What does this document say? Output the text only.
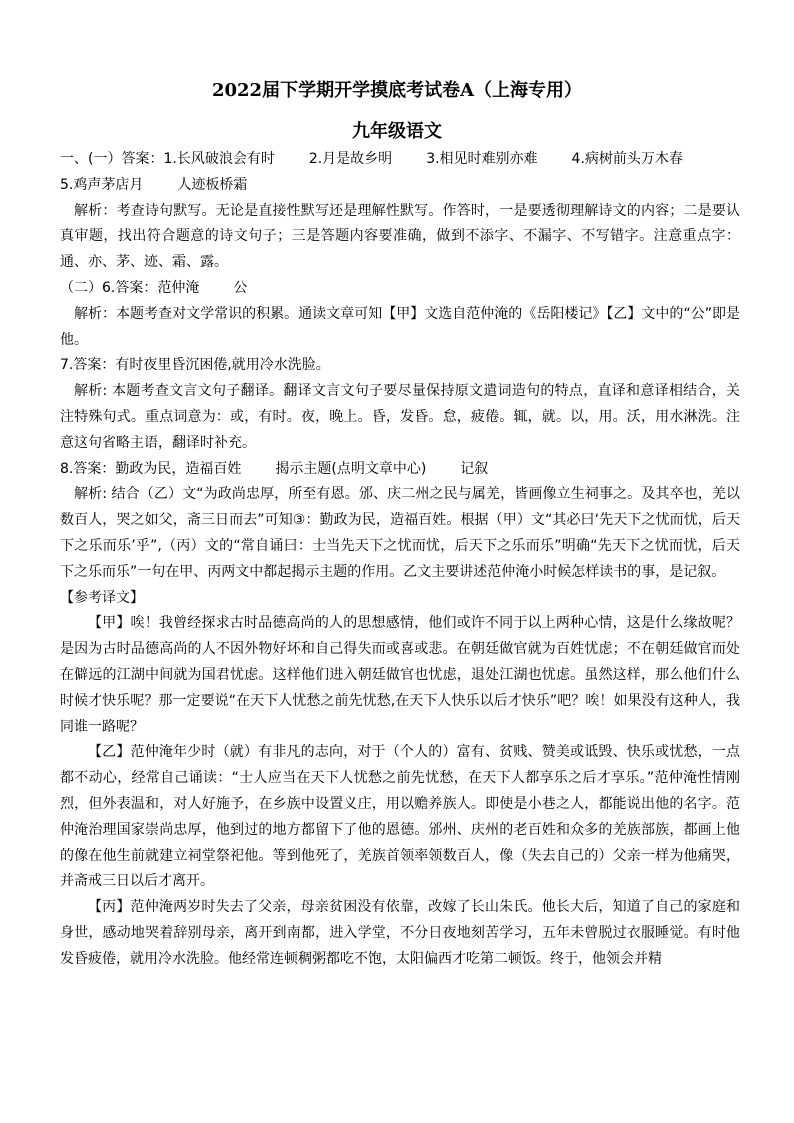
2022届下学期开学摸底考试卷A（上海专用）
九年级语文

一、(一）答案：1.长风破浪会有时 2.月是故乡明 3.相见时难别亦难 4.病树前头万木春

5.鸡声茅店月 人迹板桥霜

解析：考查诗句默写。无论是直接性默写还是理解性默写。作答时，一是要透彻理解诗文的内容；二是要认真审题，找出符合题意的诗文句子；三是答题内容要准确，做到不添字、不漏字、不写错字。注意重点字：通、亦、茅、迹、霜、露。

（二）6.答案：范仲淹 公

解析：本题考查对文学常识的积累。通读文章可知【甲】文选自范仲淹的《岳阳楼记》【乙】文中的“公”即是他。

7.答案：有时夜里昏沉困倦,就用冷水洗脸。

解析: 本题考查文言文句子翻译。翻译文言文句子要尽量保持原文遣词造句的特点，直译和意译相结合，关注特殊句式。重点词意为：或，有时。夜，晚上。昏，发昏。怠，疲倦。辄，就。以，用。沃，用水淋洗。注意这句省略主语，翻译时补充。

8.答案：勤政为民，造福百姓 揭示主题(点明文章中心) 记叙

解析: 结合（乙）文“为政尚忠厚，所至有恩。邠、庆二州之民与属羌，皆画像立生祠事之。及其卒也，羌以数百人，哭之如父，斋三日而去”可知③：勤政为民，造福百姓。根据（甲）文“其必曰‘先天下之忧而忧，后天下之乐而乐’乎”,（丙）文的“常自诵曰：士当先天下之忧而忧，后天下之乐而乐”明确“先天下之忧而忧，后天下之乐而乐”一句在甲、丙两文中都起揭示主题的作用。乙文主要讲述范仲淹小时候怎样读书的事，是记叙。

【参考译文】

【甲】唉！我曾经探求古时品德高尚的人的思想感情，他们或许不同于以上两种心情，这是什么缘故呢？是因为古时品德高尚的人不因外物好坏和自己得失而或喜或悲。在朝廷做官就为百姓忧虑；不在朝廷做官而处在僻远的江湖中间就为国君忧虑。这样他们进入朝廷做官也忧虑，退处江湖也忧虑。虽然这样，那么他们什么时候才快乐呢？那一定要说“在天下人忧愁之前先忧愁,在天下人快乐以后才快乐”吧？唉！如果没有这种人，我同谁一路呢？

【乙】范仲淹年少时（就）有非凡的志向，对于（个人的）富有、贫贱、赞美或诋毁、快乐或忧愁，一点都不动心，经常自己诵读：“士人应当在天下人忧愁之前先忧愁，在天下人都享乐之后才享乐。”范仲淹性情刚烈，但外表温和，对人好施予，在乡族中设置义庄，用以赡养族人。即使是小巷之人，都能说出他的名字。范仲淹治理国家崇尚忠厚，他到过的地方都留下了他的恩德。邠州、庆州的老百姓和众多的羌族部族，都画上他的像在他生前就建立祠堂祭祀他。等到他死了，羌族首领率领数百人，像（失去自己的）父亲一样为他痛哭，并斋戒三日以后才离开。

【丙】范仲淹两岁时失去了父亲，母亲贫困没有依靠，改嫁了长山朱氏。他长大后，知道了自己的家庭和身世，感动地哭着辞别母亲，离开到南都，进入学堂，不分日夜地刻苦学习，五年未曾脱过衣服睡觉。有时他发昏疲倦，就用冷水洗脸。他经常连顿稠粥都吃不饱，太阳偏西才吃第二顿饭。终于，他领会并精
